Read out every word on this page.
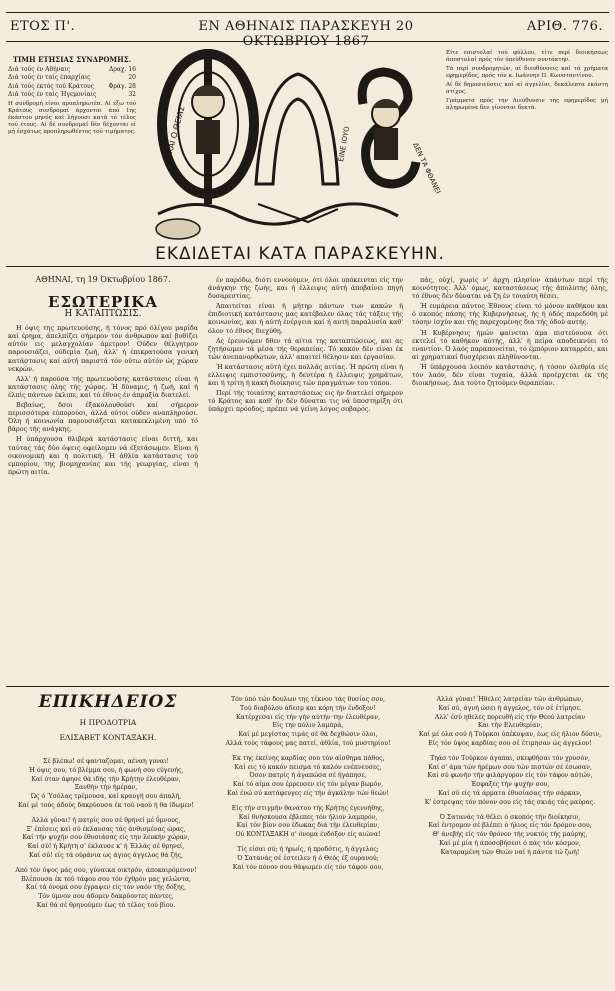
ΕΤΟΣ Π'.	ΕΝ ΑΘΗΝΑΙΣ ΠΑΡΑΣΚΕΥΗ 20 ΟΚΤΩΒΡΙΟΥ 1867
ΑΡΙΘ. 776.
ΤΙΜΗ ΕΤΗΣΙΑΣ ΣΥΝΔΡΟΜΗΣ.
Διά τούς έν Αθήναις	Δραχ. 16
Διά τούς έν ταίς έπαρχίαις	20
Διά τούς έκτός τού Κράτους Φράγ. 28
Διά τούς έν ταίς Ήγεμονίαις	32
Η συνδρομή είναι προπληρωτέα. Αί έξω τού Κράτους συνδρομαί άρχονται άπό 1ης έκάστου μηνός καί λήγουσι κατά τό τέλος τού έτους. Αί δέ συνδρομαί δέν δέχονται εί μή έσχάτως προπληρωθέντος τού τιμήματος.

Είτε επιστολαί τού φύλλου, είτε περί διοικήσεως άποστολαί πρός τόν ύπεύθυνον συντάκτην.

Τά περί συνδρομητών, αί διευθύνσεις καί τά χρήματα εφημερίδος, πρός τόν κ. Ιωάννην Π. Κωνσταντίνου.

Αί δέ δημοσιεύσεις καί αί άγγελίαι, δεκάλεπτα εκάστη στίχος.

Γράμματα πρός την Διεύθυνσιν της εφημερίδος μή πληρωμένα δεν γίνονται δεκτά.

ΚΑΙ Ο ΘΕΙΑΣ	ΕΙΝΕ ΙΟΥΟ	ΔΕΝ ΤΑ ΦΘΑΝΕΙ
ΦΩΣ
ΕΚΔΙΔΕΤΑΙ ΚΑΤΑ ΠΑΡΑΣΚΕΥΗΝ.
ΑΘΗΝΑΙ, τη 19 Όκτωβρίου 1867.
ΕΣΩΤΕΡΙΚΑ
Η ΚΑΤΑΠΤΩΣΙΣ.

Η όψις της πρωτευούσης, ή τόνος πρό όλίγου μαρίδα καί έρημα, άπελπίζει σήμερον τόν άνθρωπον καί βυθίζει αύτόν εις μελαγχολίαν άμετρον! Ούδεν θέλγητρον παρουσιάζει, ούδεμία ζωή, άλλ' ή έπικρατούσα γενική κατάστασις καί αύτή παριστά τόν ούτω αύτόν ώς χώραν νεκρών.

Αλλ' ή παρούσα τής πρωτευούσης κατάστασις είναι ή κατάστασις όλης τής χώρας. Ή δύναμις, ή ζωή, καί ή έλπίς πάντων έκλιπε, καί τό έθνος έν άπραξία διατελεί.

Βεβαίως, δσοι έξακολουθούσι καί σήμερον περισσότερα εύπορούσι, άλλά ούτοι ούδεν αναπληρούσι. Όλη ή κοινωνία παρουσιάζεται κατακεκλιμένη υπό τό βάρος τής ανάγκης.

Η ύπάρχουσα θλιβερά κατάστασις είναι διττή, και ταύτας τάς δύο όψεις οφείλομεν νά έξετάσωμεν. Είναι ή οικονομική και ή πολιτική. Ή άθλία κατάστασις τού εμπορίου, της βιομηχανίας και τής γεωργίας, είναι ή πρώτη αιτία.

έν παρόδω, διότι εννοούμεν, ότι όλοι υπόκεινται είς την άνάγκην τής ζωής, και ή έλλειψις αύτή άποβαίνει πηγή δυσαρεστίας.

Άπαιτείται είναι ή μήτηρ πάντων των κακών ή έπιδιοτική κατάστασις μας κατέβαλεν όλας τάς τάξεις τής κοινωνίας, και ή αύτή ένέργεια καί ή αυτή παραλυσία καθ' όλον τό έθνος διεχύθη.

Ας έρευνώμεν δθεν τά αίτια της καταπτώσεως, και ας ζητήσωμεν τά μέσα τής θεραπείας. Τό κακόν δέν είναι έκ τών άνεπανορθώτων, άλλ' απαιτεί θέλησιν και έργασίαν.

Ή κατάστασις αύτή έχει πολλάς αιτίας. Ή πρώτη είναι ή ελλειψις εμπιστοσύνης, ή δευτέρα ή έλλειψις χρημάτων, και ή τρίτη ή κακή διοίκησις τών πραγμάτων του τόπου.

Περί τής τοιαύτης καταστάσεως εις ήν διατελεί σήμερον τό Κράτος και καθ' ήν δέν δύναται τις νά ύποστηρίξη ότι ύπάρχει πρόοδος, πρέπει νά γείνη λόγος σοβαρός.

πάς, ούχί, χωρίς ν' άρχη πλησίον άπάντων περί τής κοινότητος. Άλλ' όμως, καταστάσεως τής άπολυτης όλης, τό έθνος δέν δύναται νά ζη έν τοιαύτη θέσει.

Ή ευμάρεια πάντος Έθνους είναι τό μόνον καθήκον και ό σκοπός πάσης τής Κυβερνήσεως, ής ή όδός παρεδόθη μέ τόσην ίσχύν και τής παρεχομένης δια τής όδού αυτής.

Ή Κυβέρνησις ήμών φαίνεται άμα πιστεύουσα ότι εκτελεί τό καθήκον αύτής, άλλ' ή πείρα αποδεικνύει τό εναντίον. Ό λαός παραπονείται, τό έμπόριον καταρρέει, και αί χρηματικαί δυσχέρειαι πληθύνονται.

Ή ύπάρχουσα λοιπόν κατάστασις, ή τόσον όλεθρία είς τόν λαόν, δέν είναι τυχαία, άλλά προέρχεται έκ τής διοικήσεως. Δια τούτο ζητούμεν θεραπείαν.

ΕΠΙΚΗΔΕΙΟΣ
Η ΠΡΟΔΟΤΡΙΑ
ΕΛΙΣΑΒΕΤ ΚΟΝΤΑΞΑΚΗ.
Σέ βλέπω! σέ φανταζομαι, αέναη γυναι!
Ή όψις σου, τό βλέμμα σου, ή φωνή σου εύγενής,
Καί όταν άφησε θά ιδής τήν Κρήτην έλευθέραν,
Ξανθήν τήν ήμέραν,
Ώς ό Ύσόλας τρέμουσα, καί κραυγή σου άπαλή,
Καί μέ τούς άδούς δακρύουσα έκ τού ναού ή θα ίδωμεν!
Αλλά γύναι! ή πατρίς σου σέ θρηνεί μέ ΰμνους,
Ξ' έπέσεις καί σύ έκλαυσας τάς άνθισμένας ώρας,
Καί τήν ψυχήν σου έθυσιάσας είς την λευκήν χώραν,
Καί σύ! ή Κρήτη σ' έκλαυσε κ' ή Έλλάς σέ θρηνεί,
Καί σύ! είς τά ούράνια ως άγιος άγγελος θά ζής,
Από τόν ύψος μάς σου, γύναικα οικτρόν, άποκαιρόμενον!
Βλέπουσα έκ τού τάφου σου τόν έχθρόν μας γελώντα,
Καί τά όνομά σου έγραψεν είς τόν ναόν τής δόξης,
Τόν ύμνον σου άδομεν δακρύοντες πάντες,
Καί θά σέ θρηνούμεν έως τό τέλος τού βίου.
Τόν ύπό τών δουλων της τέκνον τάς θυσίας σου,
Τού διαβόλου άδεσμ και κόρη τήν ένδοξον!
Κατέρχεσαι είς τήν γήν αύτήν την έλευθέραν,
Είς την πόλιν λαμπρά,
Καί μέ μεγίστας τιμάς σέ θά δεχθώσιν όλοι,
Αλλά τούς τάφους μας πατεί, άθλία, τού μυστηρίου!
Έκ της έκείνης καρδίας σου τόν αίσθημα πάθος,
Καί εις τό κακόν πεισμα τό καλόν ενέπνευσες,
Όσον πατρίς ή άγαπώσα σέ ήγάπησε,
Καί τό αίμα σου έρρευσεν είς τόν μέγαν βωμόν,
Καί ένώ σύ κατάφευγες είς τήν άγκάλην τών θεών!
Είς τήν στιγμήν θανάτου τής Κρήτης έγεννήθης,
Καί θνήσκουσα έβλεπες τόν ήλιον λαμπρόν,
Καί τόν βίον σου έδωκας διά τήν έλευθερίαν,
Ού ΚΟΝΤΑΞΑΚΗ σ' όνομα ένδοξον είς αιώνα!
Τίς είσαι σύ; ή ήρωίς, ή προδότις, ή άγγελος;
Ό Σατανάς σέ έστειλεν ή ό Θεός έξ ουρανού;
Καί τόν πόνον σου θάψωμεν είς τόν τάφον σου,
Αλλά γύναι! Ήθελες λατρείαν τών άνθρώπων,
Καί σύ, άγνή ώσει ή άγγελος, τόν σέ έτίμησε.
Αλλ' έσύ ηθελες πορευθή είς τήν Θεού λατρείαν
Και τήν Ελευθερίαν,
Καί μέ όλα σού ή Τούρκοι ύπέκυψαν, έως είς ήλιον δύσιν,
Είς τόν ύψος καρδίας σου σέ έτιμησαν ώς άγγελον!
Τηάσ τόν Τούρκον άγαπαι, σκεφθήσαι τόν χρυσόν,
Καί σ' άμα τών ήρέμων σου τών πιστών σέ έσωσαν,
Καί σύ φωνήν τήν φιλάργυρον είς τόν τάφον αύτών,
Έσφαξες τήν ψυχήν σου,
Καί σύ είς τά άρματα έθυσίασας τήν σάρκαν,
Κ' έστρεψας τόν πόνον σου είς τάς σκιάς τάς μαύρας.
Ό Σατανάς τά θέλει ό σκοπός τήν διοίκησιν,
Καί έντρομον σέ βλέπει ό ήλιος είς τόν δρόμον σου,
Θ' άνεβής είς τόν θρόνον τής νυκτός τής μαύρης,
Καί μέ μία ή άποσοβήσεσι ό πάς τόν κόσμον,
Καταραμένη τών Θεών ναί ή πάντα τώ ζωή!
